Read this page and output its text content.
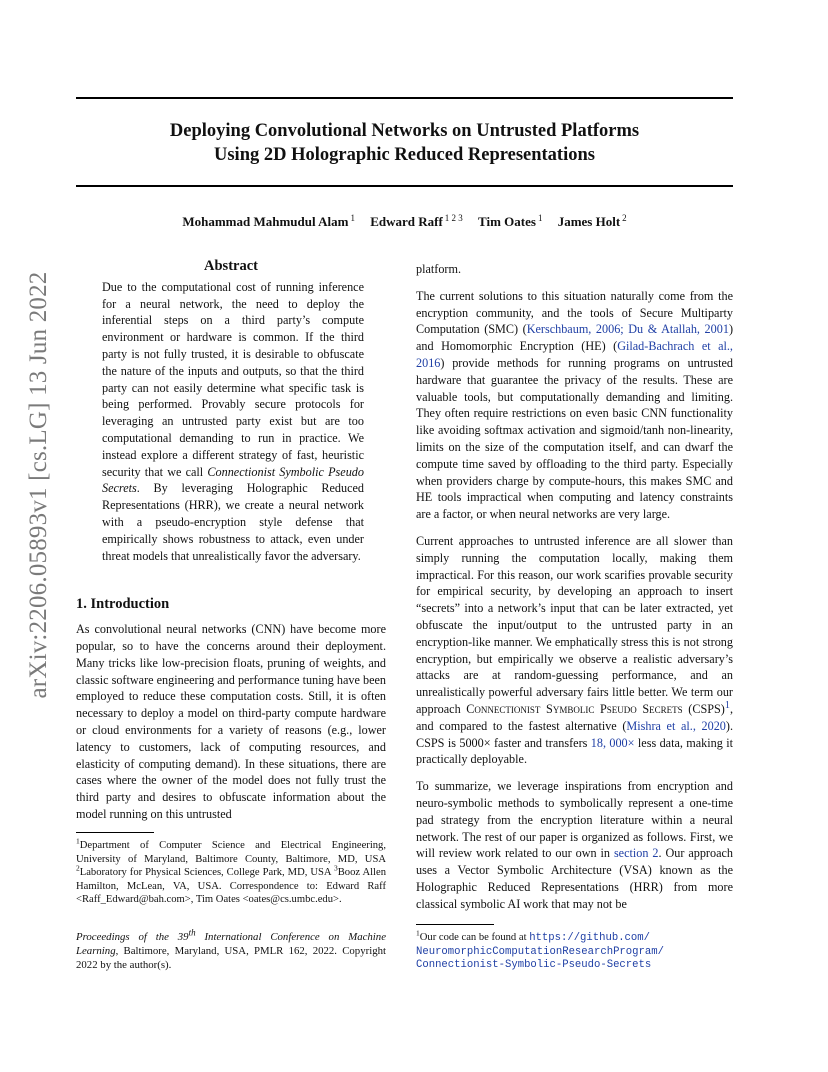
Deploying Convolutional Networks on Untrusted Platforms
Using 2D Holographic Reduced Representations

Mohammad Mahmudul Alam $^1$ Edward Raff $^{1 2 3}$ Tim Oates $^1$ James Holt $^2$

arXiv:2206.05893v1 [cs.LG] 13 Jun 2022
Abstract

Due to the computational cost of running inference for a neural network, the need to deploy the inferential steps on a third party’s compute environment or hardware is common. If the third party is not fully trusted, it is desirable to obfuscate the nature of the inputs and outputs, so that the third party can not easily determine what specific task is being performed. Provably secure protocols for leveraging an untrusted party exist but are too computational demanding to run in practice. We instead explore a different strategy of fast, heuristic security that we call Connectionist Symbolic Pseudo Secrets. By leveraging Holographic Reduced Representations (HRR), we create a neural network with a pseudo-encryption style defense that empirically shows robustness to attack, even under threat models that unrealistically favor the adversary.

1. Introduction

As convolutional neural networks (CNN) have become more popular, so to have the concerns around their deployment. Many tricks like low-precision floats, pruning of weights, and classic software engineering and performance tuning have been employed to reduce these computation costs. Still, it is often necessary to deploy a model on third-party compute hardware or cloud environments for a variety of reasons (e.g., lower latency to customers, lack of computing resources, and elasticity of computing demand). In these situations, there are cases where the owner of the model does not fully trust the third party and desires to obfuscate information about the model running on this untrusted

$^1$Department of Computer Science and Electrical Engineering, University of Maryland, Baltimore County, Baltimore, MD, USA $^2$Laboratory for Physical Sciences, College Park, MD, USA $^3$Booz Allen Hamilton, McLean, VA, USA. Correspondence to: Edward Raff <Raff_Edward@bah.com>, Tim Oates <oates@cs.umbc.edu>.
Proceedings of the 39th International Conference on Machine Learning, Baltimore, Maryland, USA, PMLR 162, 2022. Copyright 2022 by the author(s).

platform.

The current solutions to this situation naturally come from the encryption community, and the tools of Secure Multiparty Computation (SMC) (Kerschbaum, 2006; Du & Atallah, 2001) and Homomorphic Encryption (HE) (Gilad-Bachrach et al., 2016) provide methods for running programs on untrusted hardware that guarantee the privacy of the results. These are valuable tools, but computationally demanding and limiting. They often require restrictions on even basic CNN functionality like avoiding softmax activation and sigmoid/tanh non-linearity, limits on the size of the computation itself, and can dwarf the compute time saved by offloading to the third party. Especially when providers charge by compute-hours, this makes SMC and HE tools impractical when computing and latency constraints are a factor, or when neural networks are very large.

Current approaches to untrusted inference are all slower than simply running the computation locally, making them impractical. For this reason, our work scarifies provable security for empirical security, by developing an approach to insert “secrets” into a network’s input that can be later extracted, yet obfuscate the input/output to the untrusted party in an encryption-like manner. We emphatically stress this is not strong encryption, but empirically we observe a realistic adversary’s attacks are at random-guessing performance, and an unrealistically powerful adversary fairs little better. We term our approach Connectionist Symbolic Pseudo Secrets (CSPS)$^1$, and compared to the fastest alternative (Mishra et al., 2020). CSPS is 5000× faster and transfers 18, 000× less data, making it practically deployable.

To summarize, we leverage inspirations from encryption and neuro-symbolic methods to symbolically represent a one-time pad strategy from the encryption literature within a neural network. The rest of our paper is organized as follows. First, we will review work related to our own in section 2. Our approach uses a Vector Symbolic Architecture (VSA) known as the Holographic Reduced Representations (HRR) from more classical symbolic AI work that may not be

$^1$Our code can be found at https://github.com/

NeuromorphicComputationResearchProgram/

Connectionist-Symbolic-Pseudo-Secrets
